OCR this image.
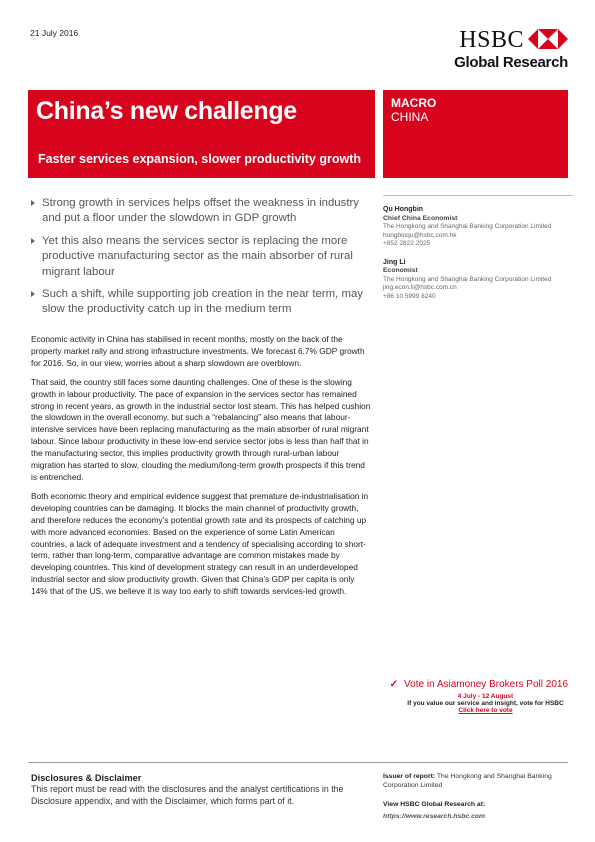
21 July 2016	HSBC
Global Research
China’s new challenge
Faster services expansion, slower productivity growth
MACRO
CHINA
Strong growth in services helps offset the weakness in industry and put a floor under the slowdown in GDP growth
Yet this also means the services sector is replacing the more productive manufacturing sector as the main absorber of rural migrant labour
Such a shift, while supporting job creation in the near term, may slow the productivity catch up in the medium term
Qu Hongbin
Chief China Economist
The Hongkong and Shanghai Banking Corporation Limited
hongbinqu@hsbc.com.hk
+852 2822 2025
Jing Li
Economist
The Hongkong and Shanghai Banking Corporation Limited
jing.econ.li@hsbc.com.cn
+86 10 5999 8240

Economic activity in China has stabilised in recent months, mostly on the back of the property market rally and strong infrastructure investments. We forecast 6.7% GDP growth for 2016. So, in our view, worries about a sharp slowdown are overblown.

That said, the country still faces some daunting challenges. One of these is the slowing growth in labour productivity. The pace of expansion in the services sector has remained strong in recent years, as growth in the industrial sector lost steam. This has helped cushion the slowdown in the overall economy, but such a “rebalancing” also means that labour-intensive services have been replacing manufacturing as the main absorber of rural migrant labour. Since labour productivity in these low-end service sector jobs is less than half that in the manufacturing sector, this implies productivity growth through rural-urban labour migration has started to slow, clouding the medium/long-term growth prospects if this trend is entrenched.

Both economic theory and empirical evidence suggest that premature de-industrialisation in developing countries can be damaging. It blocks the main channel of productivity growth, and therefore reduces the economy’s potential growth rate and its prospects of catching up with more advanced economies. Based on the experience of some Latin American countries, a lack of adequate investment and a tendency of specialising according to short-term, rather than long-term, comparative advantage are common mistakes made by developing countries. This kind of development strategy can result in an underdeveloped industrial sector and slow productivity growth. Given that China’s GDP per capita is only 14% that of the US, we believe it is way too early to shift towards services-led growth.

✓ Vote in Asiamoney Brokers Poll 2016
4 July - 12 August
If you value our service and insight, vote for HSBC
Click here to vote
Disclosures & Disclaimer
This report must be read with the disclosures and the analyst certifications in the Disclosure appendix, and with the Disclaimer, which forms part of it.
Issuer of report: The Hongkong and Shanghai Banking Corporation Limited
View HSBC Global Research at:
https://www.research.hsbc.com
